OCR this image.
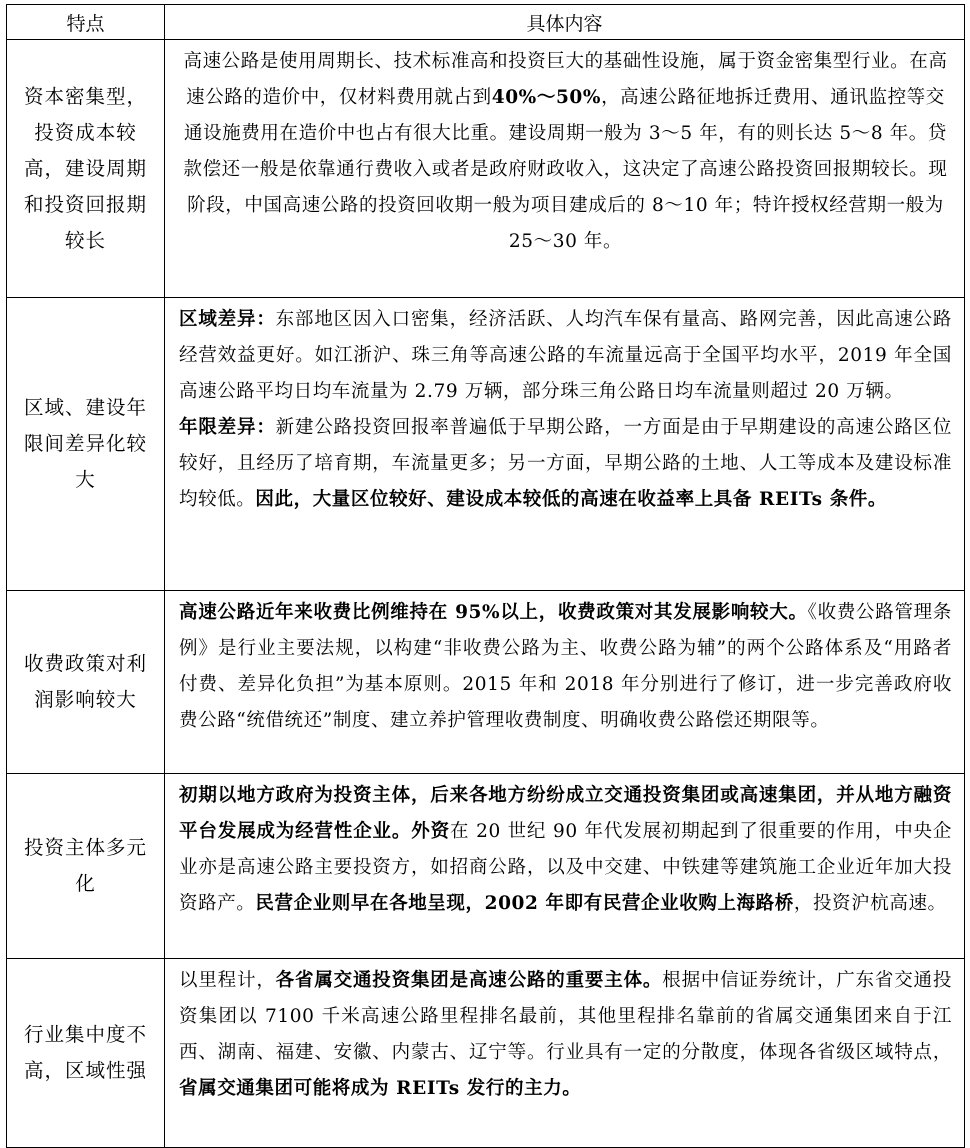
特点	具体内容
资本密集型，投资成本较高，建设周期和投资回报期较长	高速公路是使用周期长、技术标准高和投资巨大的基础性设施，属于资金密集型行业。在高速公路的造价中，仅材料费用就占到40%～50%，高速公路征地拆迁费用、通讯监控等交通设施费用在造价中也占有很大比重。建设周期一般为 3～5 年，有的则长达 5～8 年。贷款偿还一般是依靠通行费收入或者是政府财政收入，这决定了高速公路投资回报期较长。现阶段，中国高速公路的投资回收期一般为项目建成后的 8～10 年；特许授权经营期一般为 25～30 年。

区域、建设年限间差异化较大	区域差异：东部地区因入口密集，经济活跃、人均汽车保有量高、路网完善，因此高速公路经营效益更好。如江浙沪、珠三角等高速公路的车流量远高于全国平均水平，2019 年全国高速公路平均日均车流量为 2.79 万辆，部分珠三角公路日均车流量则超过 20 万辆。

年限差异：新建公路投资回报率普遍低于早期公路，一方面是由于早期建设的高速公路区位较好，且经历了培育期，车流量更多；另一方面，早期公路的土地、人工等成本及建设标准均较低。因此，大量区位较好、建设成本较低的高速在收益率上具备 REITs 条件。

收费政策对利润影响较大	高速公路近年来收费比例维持在 95%以上，收费政策对其发展影响较大。《收费公路管理条例》是行业主要法规，以构建“非收费公路为主、收费公路为辅”的两个公路体系及“用路者付费、差异化负担”为基本原则。2015 年和 2018 年分别进行了修订，进一步完善政府收费公路“统借统还”制度、建立养护管理收费制度、明确收费公路偿还期限等。

投资主体多元化	初期以地方政府为投资主体，后来各地方纷纷成立交通投资集团或高速集团，并从地方融资平台发展成为经营性企业。外资在 20 世纪 90 年代发展初期起到了很重要的作用，中央企业亦是高速公路主要投资方，如招商公路，以及中交建、中铁建等建筑施工企业近年加大投资路产。民营企业则早在各地呈现，2002 年即有民营企业收购上海路桥，投资沪杭高速。

行业集中度不高，区域性强	以里程计，各省属交通投资集团是高速公路的重要主体。根据中信证券统计，广东省交通投资集团以 7100 千米高速公路里程排名最前，其他里程排名靠前的省属交通集团来自于江西、湖南、福建、安徽、内蒙古、辽宁等。行业具有一定的分散度，体现各省级区域特点，省属交通集团可能将成为 REITs 发行的主力。
